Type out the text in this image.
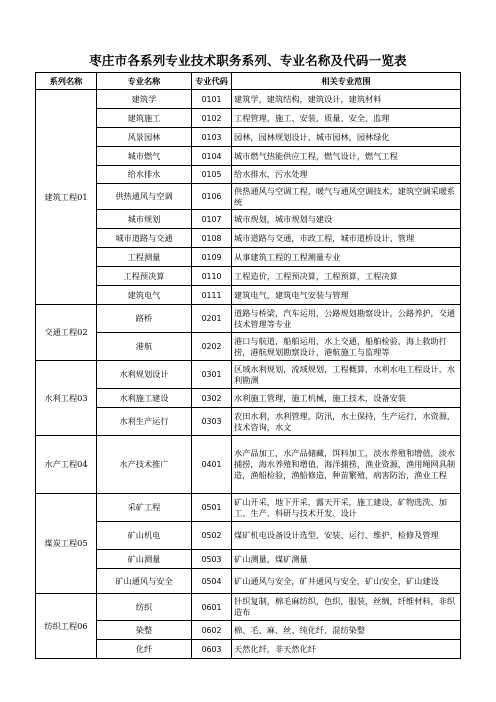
枣庄市各系列专业技术职务系列、专业名称及代码一览表
系列名称	专业名称	专业代码	相关专业范围
建筑工程01	建筑学	0101	建筑学，建筑结构，建筑设计，建筑材料
	建筑施工	0102	工程管理、施工、安装、质量、安全、监理
	风景园林	0103	园林，园林规划设计，城市园林，园林绿化
	城市燃气	0104	城市燃气热能供应工程，燃气设计，燃气工程
	给水排水	0105	给水排水，污水处理
	供热通风与空调	0106	供热通风与空调工程，暖气与通风空调技术，建筑空调采暖系统
	城市规划	0107	城市规划，城市规划与建设
	城市道路与交通	0108	城市道路与交通，市政工程，城市道桥设计、管理
	工程测量	0109	从事建筑工程的工程测量专业
	工程预决算	0110	工程造价，工程预决算，工程预算，工程决算
	建筑电气	0111	建筑电气，建筑电气安装与管理
交通工程02	路桥	0201	道路与桥梁，汽车运用，公路规划勘察设计，公路养护，交通技术管理等专业
	港航	0202	港口与航道，船舶运用，水上交通，船舶检验，海上救助打捞，港航规划勘察设计，港航施工与监理等
水利工程03	水利规划设计	0301	区域水利规划，流域规划，工程概算，水利水电工程设计，水利勘测
	水利施工建设	0302	水利施工管理，施工机械，施工技术，设备安装
	水利生产运行	0303	农田水利，水利管理，防汛，水土保持，生产运行，水资源，技术咨询，水文
水产工程04	水产技术推广	0401	水产品加工，水产品储藏，饵料加工，淡水养殖和增值，淡水捕捞，海水养殖和增值，海洋捕捞，渔业资源，渔用绳网具制造，渔船检验，渔船修造，种苗繁殖，病害防治，渔业工程
煤炭工程05	采矿工程	0501	矿山开采，地下开采，露天开采，施工建设，矿物选洗、加工、生产、科研与技术开发、设计
	矿山机电	0502	煤矿机电设备设计选型、安装、运行、维护、检修及管理
	矿山测量	0503	矿山测量，煤矿测量
	矿山通风与安全	0504	矿山通风与安全，矿井通风与安全，矿山安全，矿山建设
纺织工程06	纺织	0601	针织复制，棉毛麻纺织，色织，服装，丝绸，纤维材料，非织造布
	染整	0602	棉、毛、麻、丝、纯化纤、混纺染整
	化纤	0603	天然化纤，非天然化纤
